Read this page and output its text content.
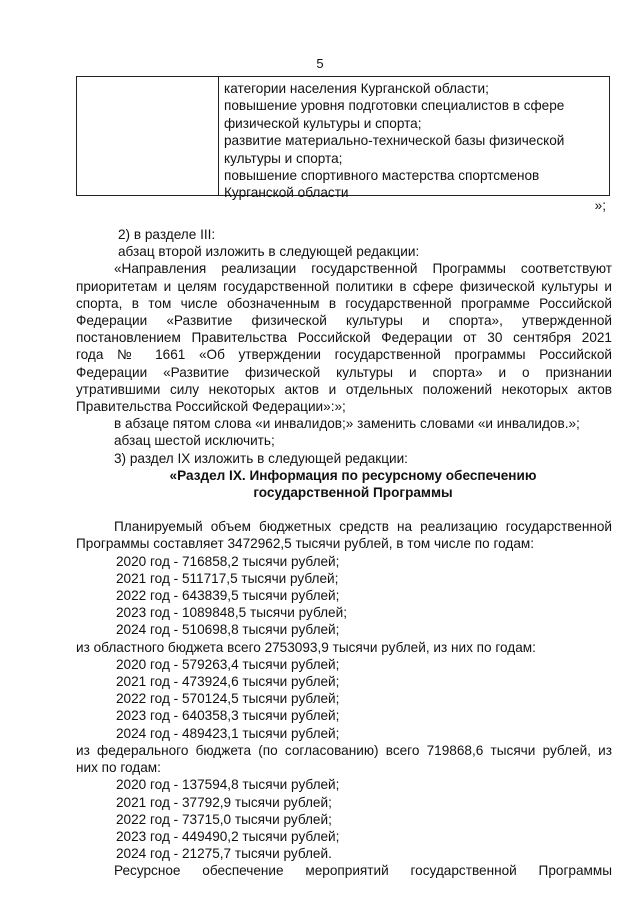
5
категории населения Курганской области;
повышение уровня подготовки специалистов в сфере
физической культуры и спорта;
развитие материально-технической базы физической
культуры и спорта;
повышение спортивного мастерства спортсменов
Курганской области
»;
2) в разделе III:
абзац второй изложить в следующей редакции:
«Направления реализации государственной Программы соответствуют
приоритетам и целям государственной политики в сфере физической культуры и
спорта, в том числе обозначенным в государственной программе Российской
Федерации «Развитие физической культуры и спорта», утвержденной
постановлением Правительства Российской Федерации от 30 сентября 2021
года № 1661 «Об утверждении государственной программы Российской
Федерации «Развитие физической культуры и спорта» и о признании
утратившими силу некоторых актов и отдельных положений некоторых актов
Правительства Российской Федерации»:»;
в абзаце пятом слова «и инвалидов;» заменить словами «и инвалидов.»;
абзац шестой исключить;
3) раздел IX изложить в следующей редакции:
«Раздел IX. Информация по ресурсному обеспечению
государственной Программы
Планируемый объем бюджетных средств на реализацию государственной
Программы составляет 3472962,5 тысячи рублей, в том числе по годам:
2020 год - 716858,2 тысячи рублей;
2021 год - 511717,5 тысячи рублей;
2022 год - 643839,5 тысячи рублей;
2023 год - 1089848,5 тысячи рублей;
2024 год - 510698,8 тысячи рублей;
из областного бюджета всего 2753093,9 тысячи рублей, из них по годам:
2020 год - 579263,4 тысячи рублей;
2021 год - 473924,6 тысячи рублей;
2022 год - 570124,5 тысячи рублей;
2023 год - 640358,3 тысячи рублей;
2024 год - 489423,1 тысячи рублей;
из федерального бюджета (по согласованию) всего 719868,6 тысячи рублей, из
них по годам:
2020 год - 137594,8 тысячи рублей;
2021 год - 37792,9 тысячи рублей;
2022 год - 73715,0 тысячи рублей;
2023 год - 449490,2 тысячи рублей;
2024 год - 21275,7 тысячи рублей.
Ресурсное обеспечение мероприятий государственной Программы
